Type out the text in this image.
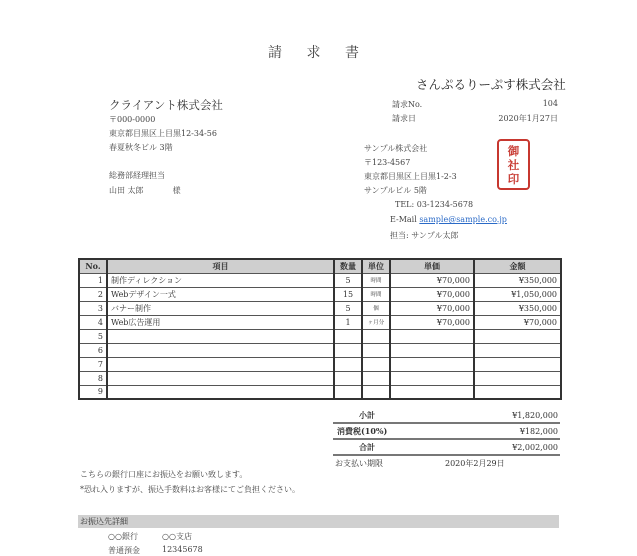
請 求 書
さんぷるりーぷす株式会社
クライアント株式会社
〒000-0000
東京都目黒区上目黒12-34-56
春夏秋冬ビル 3階
総務部経理担当
山田 太郎	様
請求No.	104
請求日	2020年1月27日
サンプル株式会社
〒123-4567
東京都目黒区上目黒1-2-3
サンプルビル 5階
TEL: 03-1234-5678
E-Mail sample@sample.co.jp
担当: サンプル太郎
御
社
印
No.	項目	数量	単位	単価	金額
1	制作ディレクション	5	時間	¥70,000	¥350,000
2	Webデザイン一式	15	時間	¥70,000	¥1,050,000
3	バナー制作	5	個	¥70,000	¥350,000
4	Web広告運用	1	ヶ月分	¥70,000	¥70,000
5					
6					
7					
8					
9					
小計	¥1,820,000
消費税(10%)	¥182,000
合計	¥2,002,000
お支払い期限	2020年2月29日
こちらの銀行口座にお振込をお願い致します。
*恐れ入りますが、振込手数料はお客様にてご負担ください。
お振込先詳細
○○銀行	○○支店
普通預金	12345678
